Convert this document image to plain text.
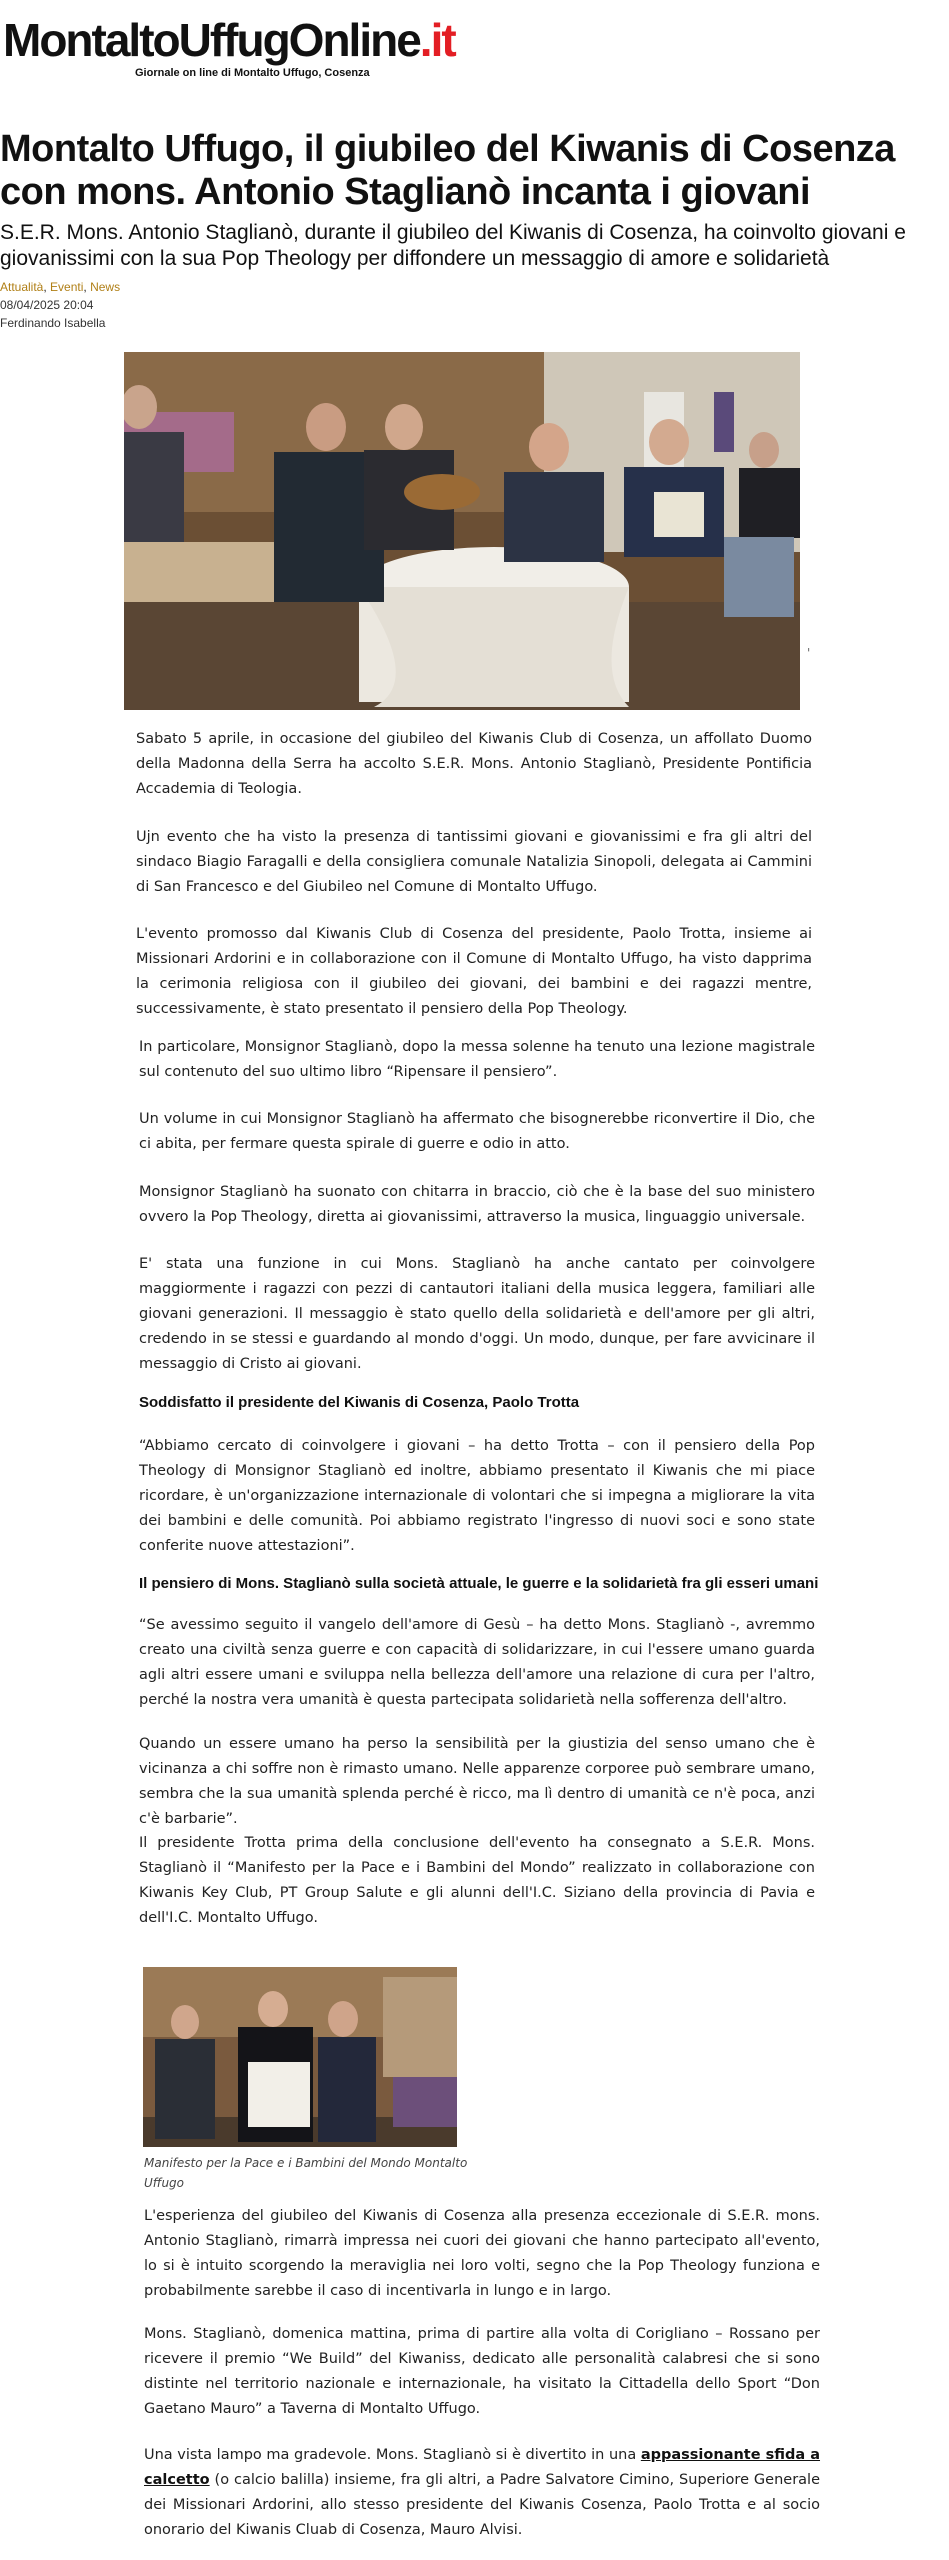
MontaltoUffugOnline.it
Giornale on line di Montalto Uffugo, Cosenza
Montalto Uffugo, il giubileo del Kiwanis di Cosenza con mons. Antonio Staglianò incanta i giovani

S.E.R. Mons. Antonio Staglianò, durante il giubileo del Kiwanis di Cosenza, ha coinvolto giovani e giovanissimi con la sua Pop Theology per diffondere un messaggio di amore e solidarietà

Attualità, Eventi, News
08/04/2025 20:04
Ferdinando Isabella
'

Sabato 5 aprile, in occasione del giubileo del Kiwanis Club di Cosenza, un affollato Duomo della Madonna della Serra ha accolto S.E.R. Mons. Antonio Staglianò, Presidente Pontificia Accademia di Teologia.

Ujn evento che ha visto la presenza di tantissimi giovani e giovanissimi e fra gli altri del sindaco Biagio Faragalli e della consigliera comunale Natalizia Sinopoli, delegata ai Cammini di San Francesco e del Giubileo nel Comune di Montalto Uffugo.

L'evento promosso dal Kiwanis Club di Cosenza del presidente, Paolo Trotta, insieme ai Missionari Ardorini e in collaborazione con il Comune di Montalto Uffugo, ha visto dapprima la cerimonia religiosa con il giubileo dei giovani, dei bambini e dei ragazzi mentre, successivamente, è stato presentato il pensiero della Pop Theology.

In particolare, Monsignor Staglianò, dopo la messa solenne ha tenuto una lezione magistrale sul contenuto del suo ultimo libro “Ripensare il pensiero”.

Un volume in cui Monsignor Staglianò ha affermato che bisognerebbe riconvertire il Dio, che ci abita, per fermare questa spirale di guerre e odio in atto.

Monsignor Staglianò ha suonato con chitarra in braccio, ciò che è la base del suo ministero ovvero la Pop Theology, diretta ai giovanissimi, attraverso la musica, linguaggio universale.

E' stata una funzione in cui Mons. Staglianò ha anche cantato per coinvolgere maggiormente i ragazzi con pezzi di cantautori italiani della musica leggera, familiari alle giovani generazioni. Il messaggio è stato quello della solidarietà e dell'amore per gli altri, credendo in se stessi e guardando al mondo d'oggi. Un modo, dunque, per fare avvicinare il messaggio di Cristo ai giovani.

Soddisfatto il presidente del Kiwanis di Cosenza, Paolo Trotta

“Abbiamo cercato di coinvolgere i giovani – ha detto Trotta – con il pensiero della Pop Theology di Monsignor Staglianò ed inoltre, abbiamo presentato il Kiwanis che mi piace ricordare, è un'organizzazione internazionale di volontari che si impegna a migliorare la vita dei bambini e delle comunità. Poi abbiamo registrato l'ingresso di nuovi soci e sono state conferite nuove attestazioni”.

Il pensiero di Mons. Staglianò sulla società attuale, le guerre e la solidarietà fra gli esseri umani

“Se avessimo seguito il vangelo dell'amore di Gesù – ha detto Mons. Staglianò -, avremmo creato una civiltà senza guerre e con capacità di solidarizzare, in cui l'essere umano guarda agli altri essere umani e sviluppa nella bellezza dell'amore una relazione di cura per l'altro, perché la nostra vera umanità è questa partecipata solidarietà nella sofferenza dell'altro.

Quando un essere umano ha perso la sensibilità per la giustizia del senso umano che è vicinanza a chi soffre non è rimasto umano. Nelle apparenze corporee può sembrare umano, sembra che la sua umanità splenda perché è ricco, ma lì dentro di umanità ce n'è poca, anzi c'è barbarie”.

Il presidente Trotta prima della conclusione dell'evento ha consegnato a S.E.R. Mons. Staglianò il “Manifesto per la Pace e i Bambini del Mondo” realizzato in collaborazione con Kiwanis Key Club, PT Group Salute e gli alunni dell'I.C. Siziano della provincia di Pavia e dell'I.C. Montalto Uffugo.

Manifesto per la Pace e i Bambini del Mondo Montalto Uffugo

L'esperienza del giubileo del Kiwanis di Cosenza alla presenza eccezionale di S.E.R. mons. Antonio Staglianò, rimarrà impressa nei cuori dei giovani che hanno partecipato all'evento, lo si è intuito scorgendo la meraviglia nei loro volti, segno che la Pop Theology funziona e probabilmente sarebbe il caso di incentivarla in lungo e in largo.

Mons. Staglianò, domenica mattina, prima di partire alla volta di Corigliano – Rossano per ricevere il premio “We Build” del Kiwaniss, dedicato alle personalità calabresi che si sono distinte nel territorio nazionale e internazionale, ha visitato la Cittadella dello Sport “Don Gaetano Mauro” a Taverna di Montalto Uffugo.

Una vista lampo ma gradevole. Mons. Staglianò si è divertito in una appassionante sfida a calcetto (o calcio balilla) insieme, fra gli altri, a Padre Salvatore Cimino, Superiore Generale dei Missionari Ardorini, allo stesso presidente del Kiwanis Cosenza, Paolo Trotta e al socio onorario del Kiwanis Cluab di Cosenza, Mauro Alvisi.
